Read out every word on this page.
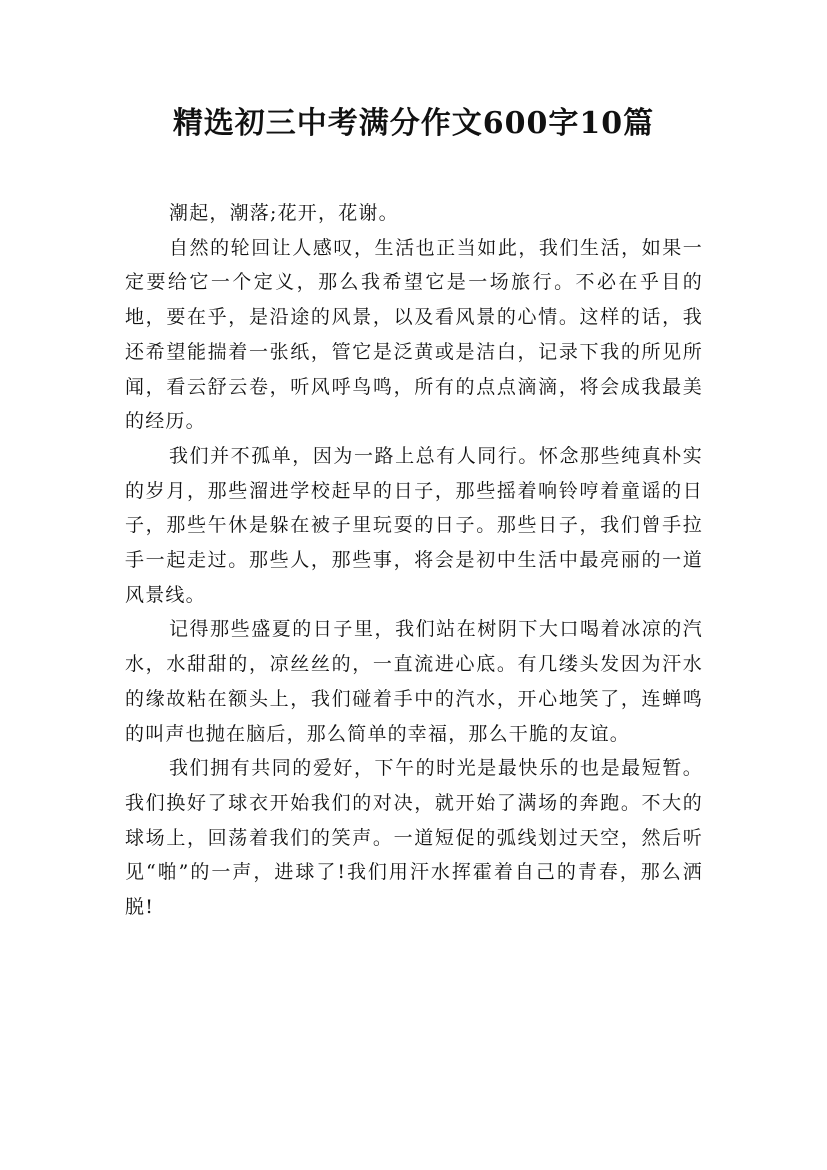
精选初三中考满分作文600字10篇

潮起，潮落;花开，花谢。

自然的轮回让人感叹，生活也正当如此，我们生活，如果一定要给它一个定义，那么我希望它是一场旅行。不必在乎目的地，要在乎，是沿途的风景，以及看风景的心情。这样的话，我还希望能揣着一张纸，管它是泛黄或是洁白，记录下我的所见所闻，看云舒云卷，听风呼鸟鸣，所有的点点滴滴，将会成我最美的经历。

我们并不孤单，因为一路上总有人同行。怀念那些纯真朴实的岁月，那些溜进学校赶早的日子，那些摇着响铃哼着童谣的日子，那些午休是躲在被子里玩耍的日子。那些日子，我们曾手拉手一起走过。那些人，那些事，将会是初中生活中最亮丽的一道风景线。

记得那些盛夏的日子里，我们站在树阴下大口喝着冰凉的汽水，水甜甜的，凉丝丝的，一直流进心底。有几缕头发因为汗水的缘故粘在额头上，我们碰着手中的汽水，开心地笑了，连蝉鸣的叫声也抛在脑后，那么简单的幸福，那么干脆的友谊。

我们拥有共同的爱好，下午的时光是最快乐的也是最短暂。我们换好了球衣开始我们的对决，就开始了满场的奔跑。不大的球场上，回荡着我们的笑声。一道短促的弧线划过天空，然后听见“啪”的一声，进球了!我们用汗水挥霍着自己的青春，那么洒脱!
